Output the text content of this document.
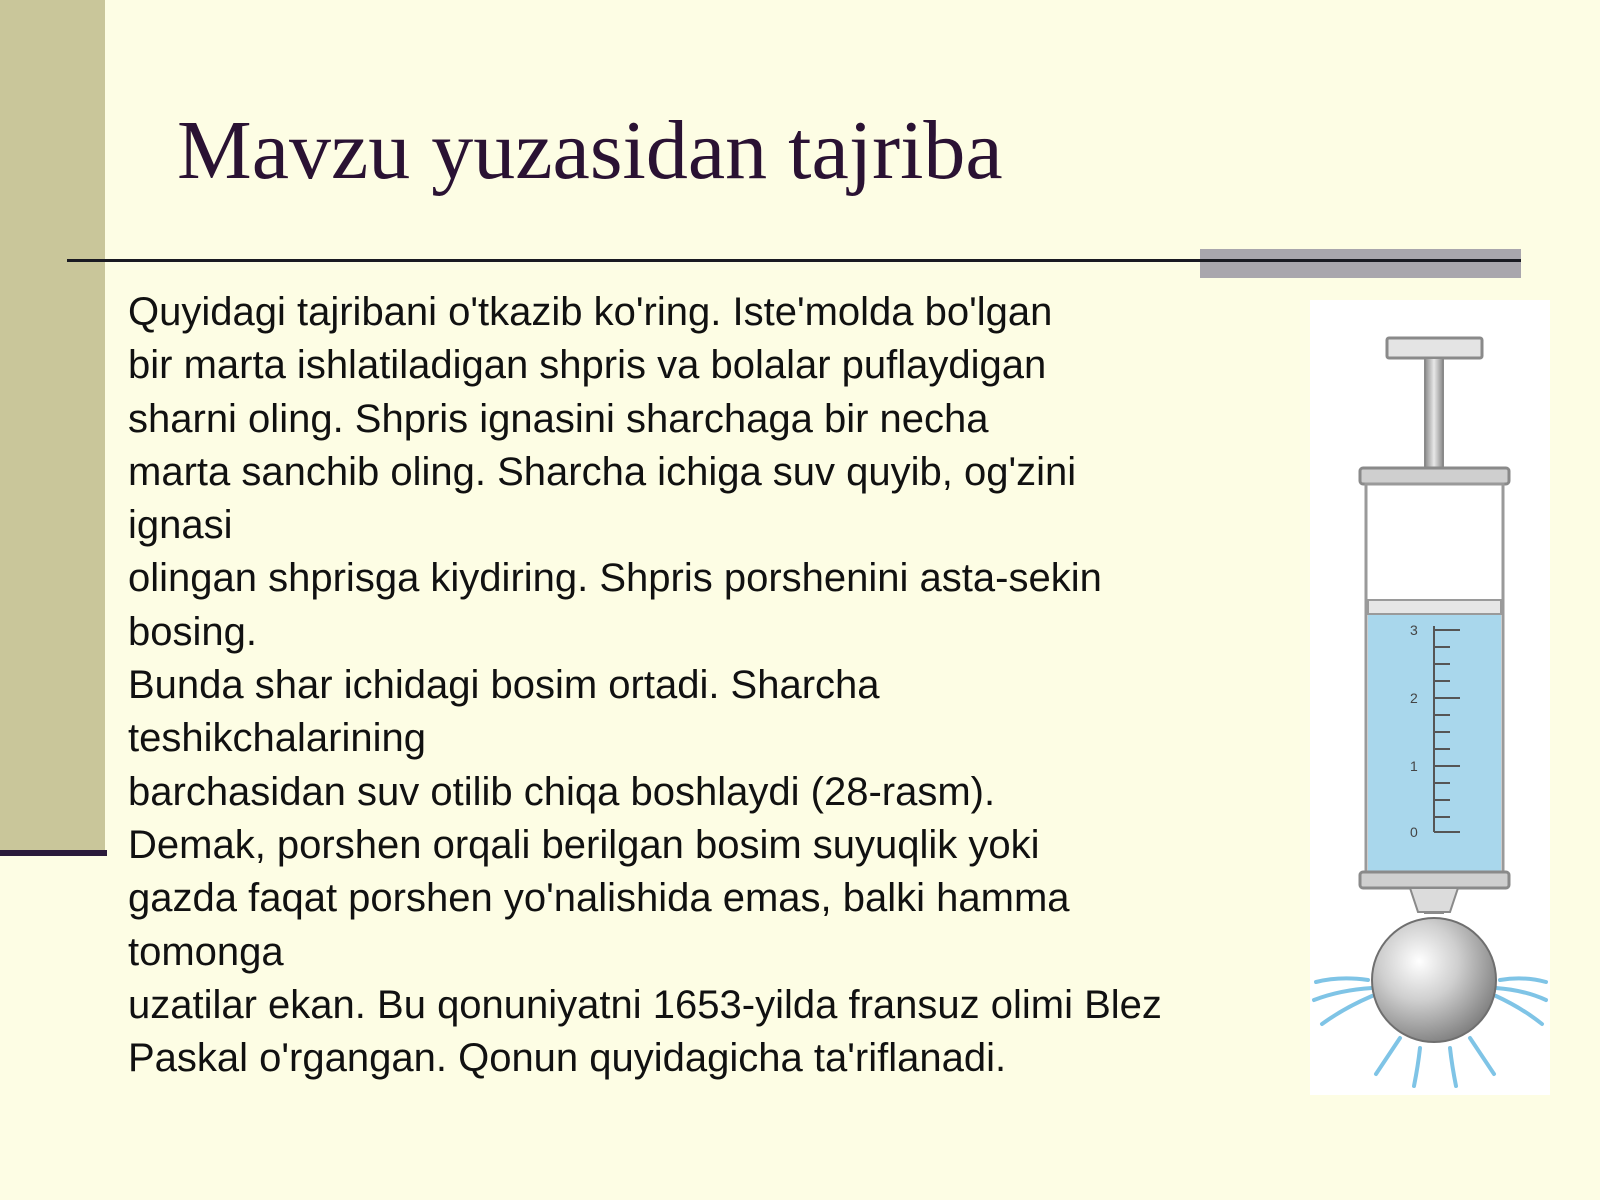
Mavzu yuzasidan tajriba
Quyidagi tajribani o'tkazib ko'ring. Iste'molda bo'lgan
bir marta ishlatiladigan shpris va bolalar puflaydigan
sharni oling. Shpris ignasini sharchaga bir necha
marta sanchib oling. Sharcha ichiga suv quyib, og'zini
ignasi
olingan shprisga kiydiring. Shpris porshenini asta-sekin
bosing.
Bunda shar ichidagi bosim ortadi. Sharcha
teshikchalarining
barchasidan suv otilib chiqa boshlaydi (28-rasm).
Demak, porshen orqali berilgan bosim suyuqlik yoki
gazda faqat porshen yo'nalishida emas, balki hamma
tomonga
uzatilar ekan. Bu qonuniyatni 1653-yilda fransuz olimi Blez
Paskal o'rgangan. Qonun quyidagicha ta'riflanadi.
3
2
1
0
